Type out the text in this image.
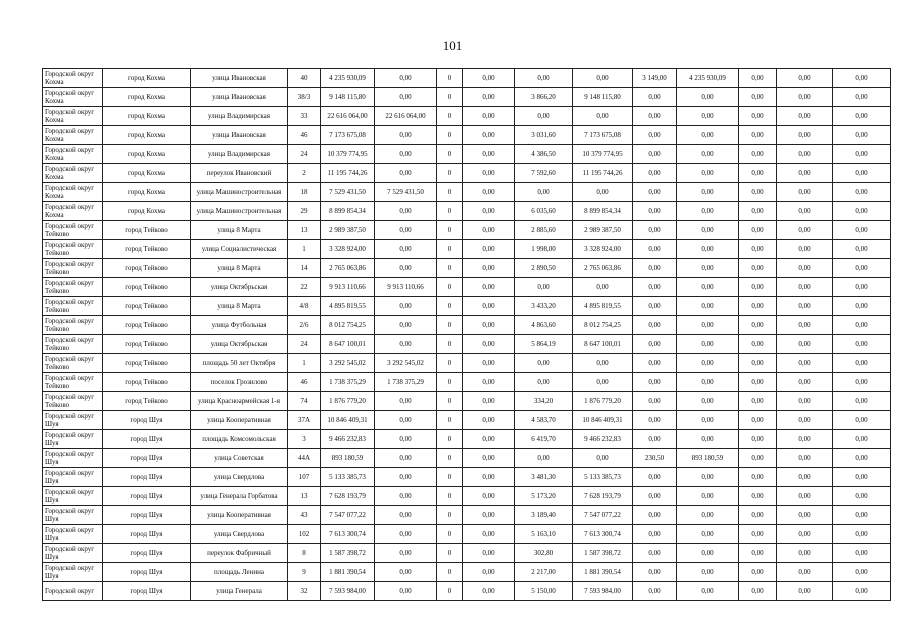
101
Городской округ Кохма	город Кохма	улица Ивановская	40	4 235 930,09	0,00	0	0,00	0,00	0,00	3 149,00	4 235 930,09	0,00	0,00	0,00
Городской округ Кохма	город Кохма	улица Ивановская	38/3	9 148 115,80	0,00	0	0,00	3 866,20	9 148 115,80	0,00	0,00	0,00	0,00	0,00
Городской округ Кохма	город Кохма	улица Владимирская	33	22 616 064,00	22 616 064,00	0	0,00	0,00	0,00	0,00	0,00	0,00	0,00	0,00
Городской округ Кохма	город Кохма	улица Ивановская	46	7 173 675,08	0,00	0	0,00	3 031,60	7 173 675,08	0,00	0,00	0,00	0,00	0,00
Городской округ Кохма	город Кохма	улица Владимирская	24	10 379 774,95	0,00	0	0,00	4 386,50	10 379 774,95	0,00	0,00	0,00	0,00	0,00
Городской округ Кохма	город Кохма	переулок Ивановский	2	11 195 744,26	0,00	0	0,00	7 592,60	11 195 744,26	0,00	0,00	0,00	0,00	0,00
Городской округ Кохма	город Кохма	улица Машиностроительная	18	7 529 431,50	7 529 431,50	0	0,00	0,00	0,00	0,00	0,00	0,00	0,00	0,00
Городской округ Кохма	город Кохма	улица Машиностроительная	29	8 899 854,34	0,00	0	0,00	6 035,60	8 899 854,34	0,00	0,00	0,00	0,00	0,00
Городской округ Тейково	город Тейково	улица 8 Марта	13	2 989 387,50	0,00	0	0,00	2 885,60	2 989 387,50	0,00	0,00	0,00	0,00	0,00
Городской округ Тейково	город Тейково	улица Социалистическая	1	3 328 924,00	0,00	0	0,00	1 998,00	3 328 924,00	0,00	0,00	0,00	0,00	0,00
Городской округ Тейково	город Тейково	улица 8 Марта	14	2 765 063,86	0,00	0	0,00	2 890,50	2 765 063,86	0,00	0,00	0,00	0,00	0,00
Городской округ Тейково	город Тейково	улица Октябрьская	22	9 913 110,66	9 913 110,66	0	0,00	0,00	0,00	0,00	0,00	0,00	0,00	0,00
Городской округ Тейково	город Тейково	улица 8 Марта	4/8	4 895 819,55	0,00	0	0,00	3 433,20	4 895 819,55	0,00	0,00	0,00	0,00	0,00
Городской округ Тейково	город Тейково	улица Футбольная	2/6	8 012 754,25	0,00	0	0,00	4 863,60	8 012 754,25	0,00	0,00	0,00	0,00	0,00
Городской округ Тейково	город Тейково	улица Октябрьская	24	8 647 100,01	0,00	0	0,00	5 864,19	8 647 100,01	0,00	0,00	0,00	0,00	0,00
Городской округ Тейково	город Тейково	площадь 50 лет Октября	1	3 292 545,02	3 292 545,02	0	0,00	0,00	0,00	0,00	0,00	0,00	0,00	0,00
Городской округ Тейково	город Тейково	поселок Грозилово	46	1 738 375,29	1 738 375,29	0	0,00	0,00	0,00	0,00	0,00	0,00	0,00	0,00
Городской округ Тейково	город Тейково	улица Красноармейская 1-я	74	1 876 779,20	0,00	0	0,00	334,20	1 876 779,20	0,00	0,00	0,00	0,00	0,00
Городской округ Шуя	город Шуя	улица Кооперативная	37А	10 846 409,31	0,00	0	0,00	4 583,70	10 846 409,31	0,00	0,00	0,00	0,00	0,00
Городской округ Шуя	город Шуя	площадь Комсомольская	3	9 466 232,83	0,00	0	0,00	6 419,70	9 466 232,83	0,00	0,00	0,00	0,00	0,00
Городской округ Шуя	город Шуя	улица Советская	44А	893 180,59	0,00	0	0,00	0,00	0,00	230,50	893 180,59	0,00	0,00	0,00
Городской округ Шуя	город Шуя	улица Свердлова	107	5 133 385,73	0,00	0	0,00	3 481,30	5 133 385,73	0,00	0,00	0,00	0,00	0,00
Городской округ Шуя	город Шуя	улица Генерала Горбатова	13	7 628 193,79	0,00	0	0,00	5 173,20	7 628 193,79	0,00	0,00	0,00	0,00	0,00
Городской округ Шуя	город Шуя	улица Кооперативная	43	7 547 077,22	0,00	0	0,00	3 189,40	7 547 077,22	0,00	0,00	0,00	0,00	0,00
Городской округ Шуя	город Шуя	улица Свердлова	102	7 613 300,74	0,00	0	0,00	5 163,10	7 613 300,74	0,00	0,00	0,00	0,00	0,00
Городской округ Шуя	город Шуя	переулок Фабричный	8	1 587 398,72	0,00	0	0,00	302,80	1 587 398,72	0,00	0,00	0,00	0,00	0,00
Городской округ Шуя	город Шуя	площадь Ленина	9	1 881 390,54	0,00	0	0,00	2 217,00	1 881 390,54	0,00	0,00	0,00	0,00	0,00
Городской округ	город Шуя	улица Генерала	32	7 593 984,00	0,00	0	0,00	5 150,00	7 593 984,00	0,00	0,00	0,00	0,00	0,00
